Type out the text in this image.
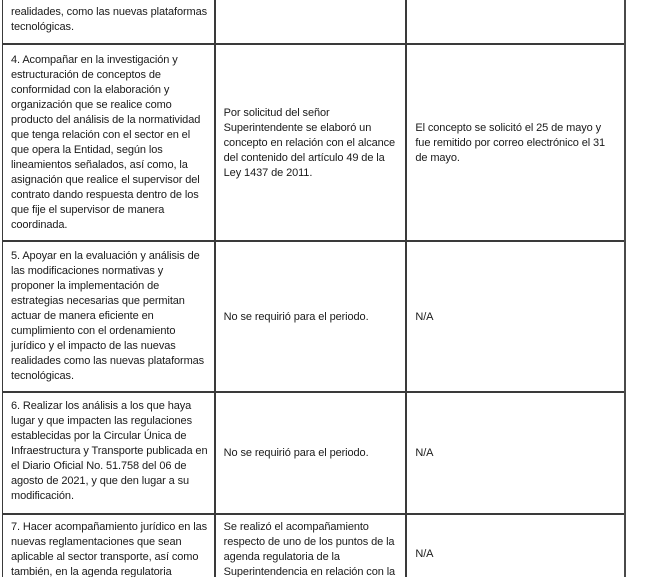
realidades, como las nuevas plataformas tecnológicas.
4. Acompañar en la investigación y estructuración de conceptos de conformidad con la elaboración y organización que se realice como producto del análisis de la normatividad que tenga relación con el sector en el que opera la Entidad, según los lineamientos señalados, así como, la asignación que realice el supervisor del contrato dando respuesta dentro de los que fije el supervisor de manera coordinada.
Por solicitud del señor Superintendente se elaboró un concepto en relación con el alcance del contenido del artículo 49 de la Ley 1437 de 2011.
El concepto se solicitó el 25 de mayo y fue remitido por correo electrónico el 31 de mayo.
5. Apoyar en la evaluación y análisis de las modificaciones normativas y proponer la implementación de estrategias necesarias que permitan actuar de manera eficiente en cumplimiento con el ordenamiento jurídico y el impacto de las nuevas realidades como las nuevas plataformas tecnológicas.
No se requirió para el periodo.	N/A
6. Realizar los análisis a los que haya lugar y que impacten las regulaciones establecidas por la Circular Única de Infraestructura y Transporte publicada en el Diario Oficial No. 51.758 del 06 de agosto de 2021, y que den lugar a su modificación.
No se requirió para el periodo.	N/A
7. Hacer acompañamiento jurídico en las nuevas reglamentaciones que sean aplicable al sector transporte, así como también, en la agenda regulatoria
Se realizó el acompañamiento respecto de uno de los puntos de la agenda regulatoria de la Superintendencia en relación con la
N/A
